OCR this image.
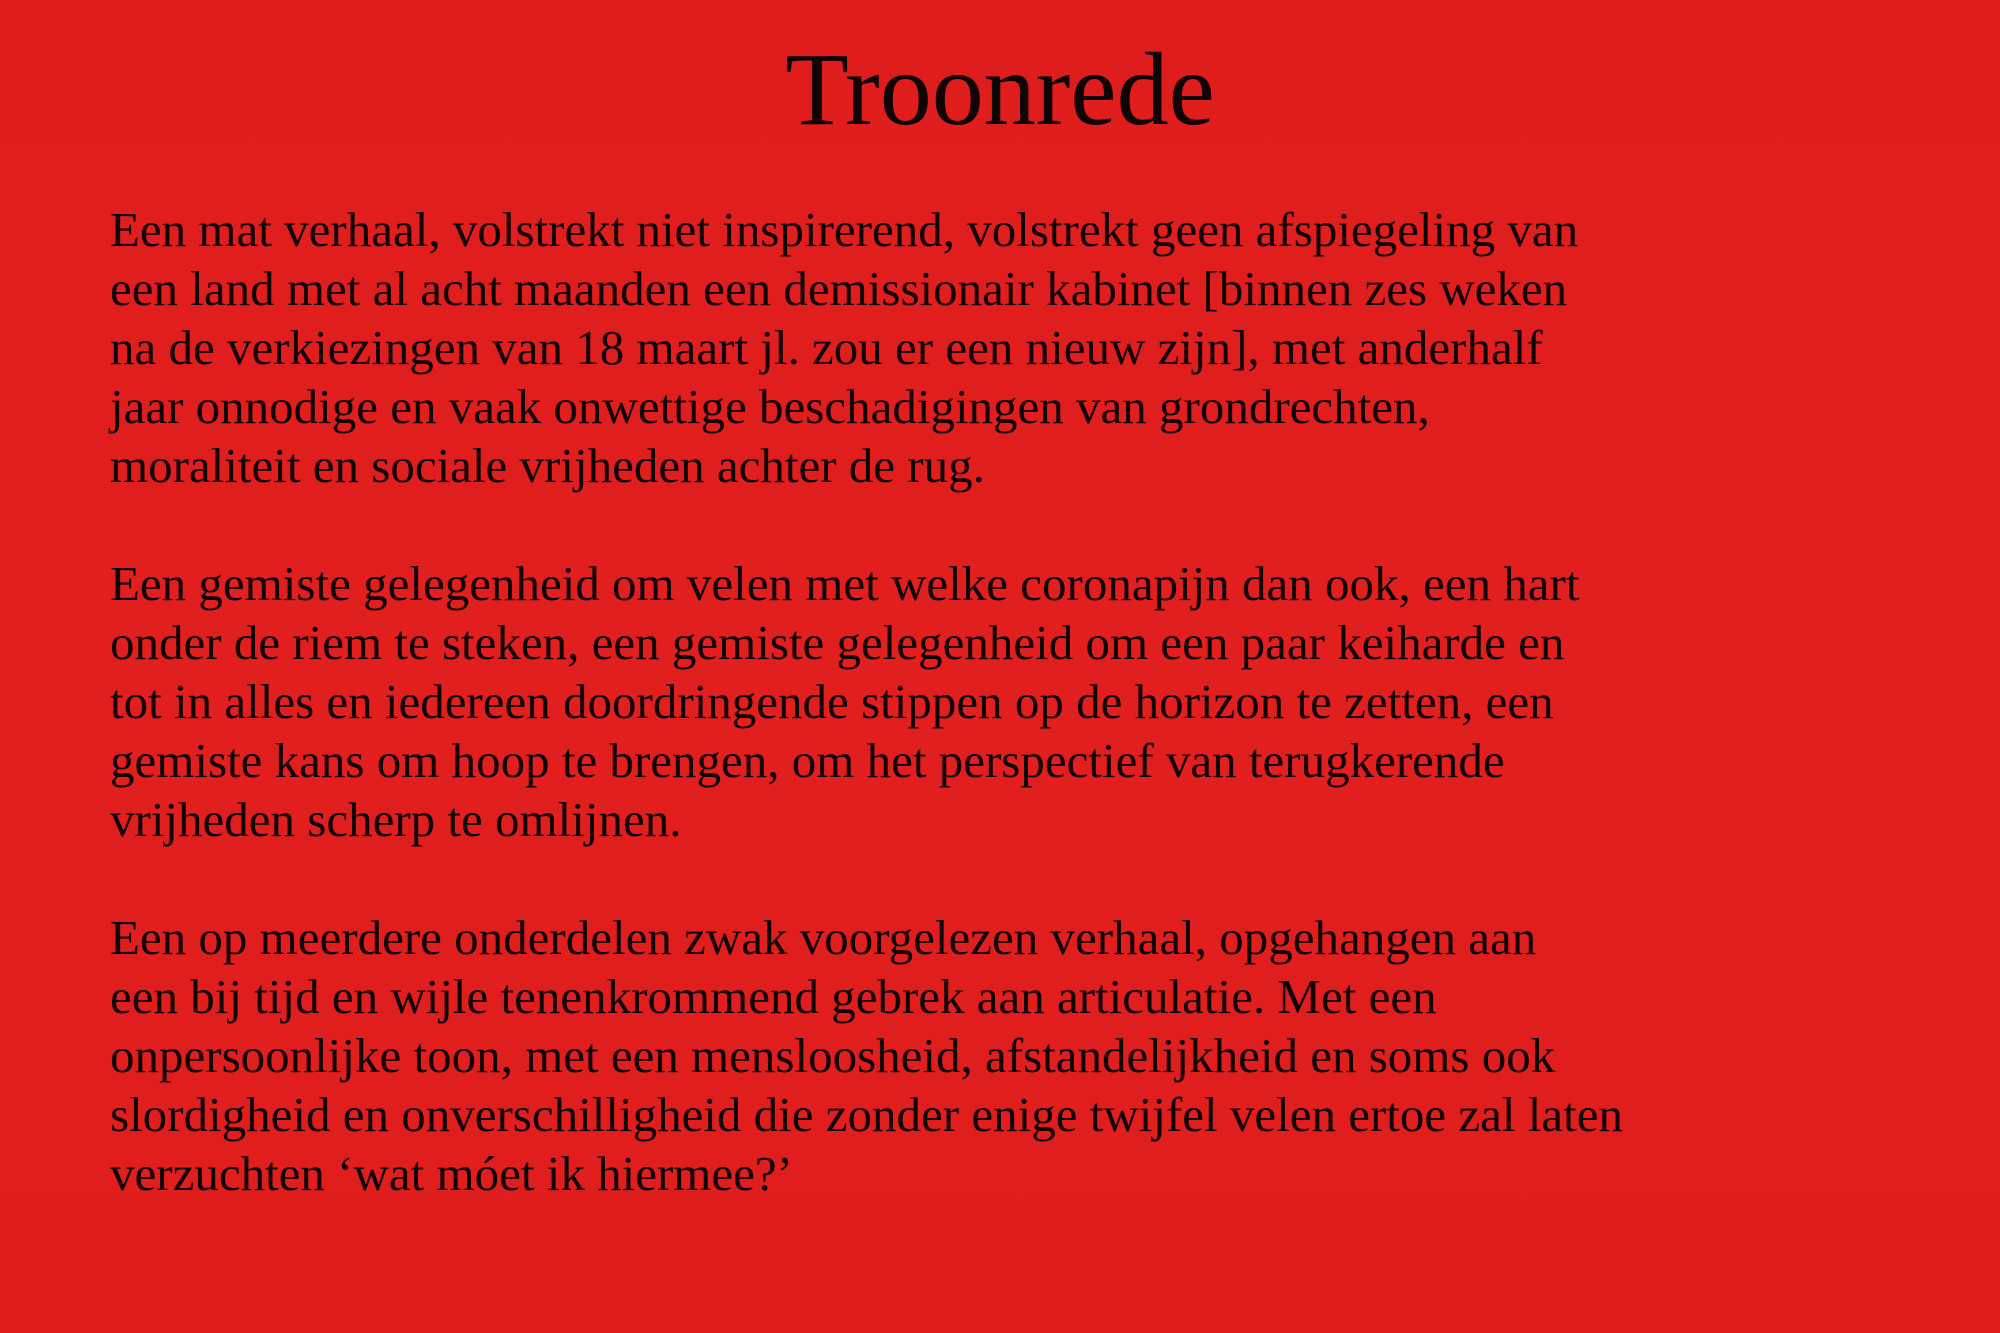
Troonrede

Een mat verhaal, volstrekt niet inspirerend, volstrekt geen afspiegeling van
een land met al acht maanden een demissionair kabinet [binnen zes weken
na de verkiezingen van 18 maart jl. zou er een nieuw zijn], met anderhalf
jaar onnodige en vaak onwettige beschadigingen van grondrechten,
moraliteit en sociale vrijheden achter de rug.

Een gemiste gelegenheid om velen met welke coronapijn dan ook, een hart
onder de riem te steken, een gemiste gelegenheid om een paar keiharde en
tot in alles en iedereen doordringende stippen op de horizon te zetten, een
gemiste kans om hoop te brengen, om het perspectief van terugkerende
vrijheden scherp te omlijnen.

Een op meerdere onderdelen zwak voorgelezen verhaal, opgehangen aan
een bij tijd en wijle tenenkrommend gebrek aan articulatie. Met een
onpersoonlijke toon, met een mensloosheid, afstandelijkheid en soms ook
slordigheid en onverschilligheid die zonder enige twijfel velen ertoe zal laten
verzuchten ‘wat móet ik hiermee?’
